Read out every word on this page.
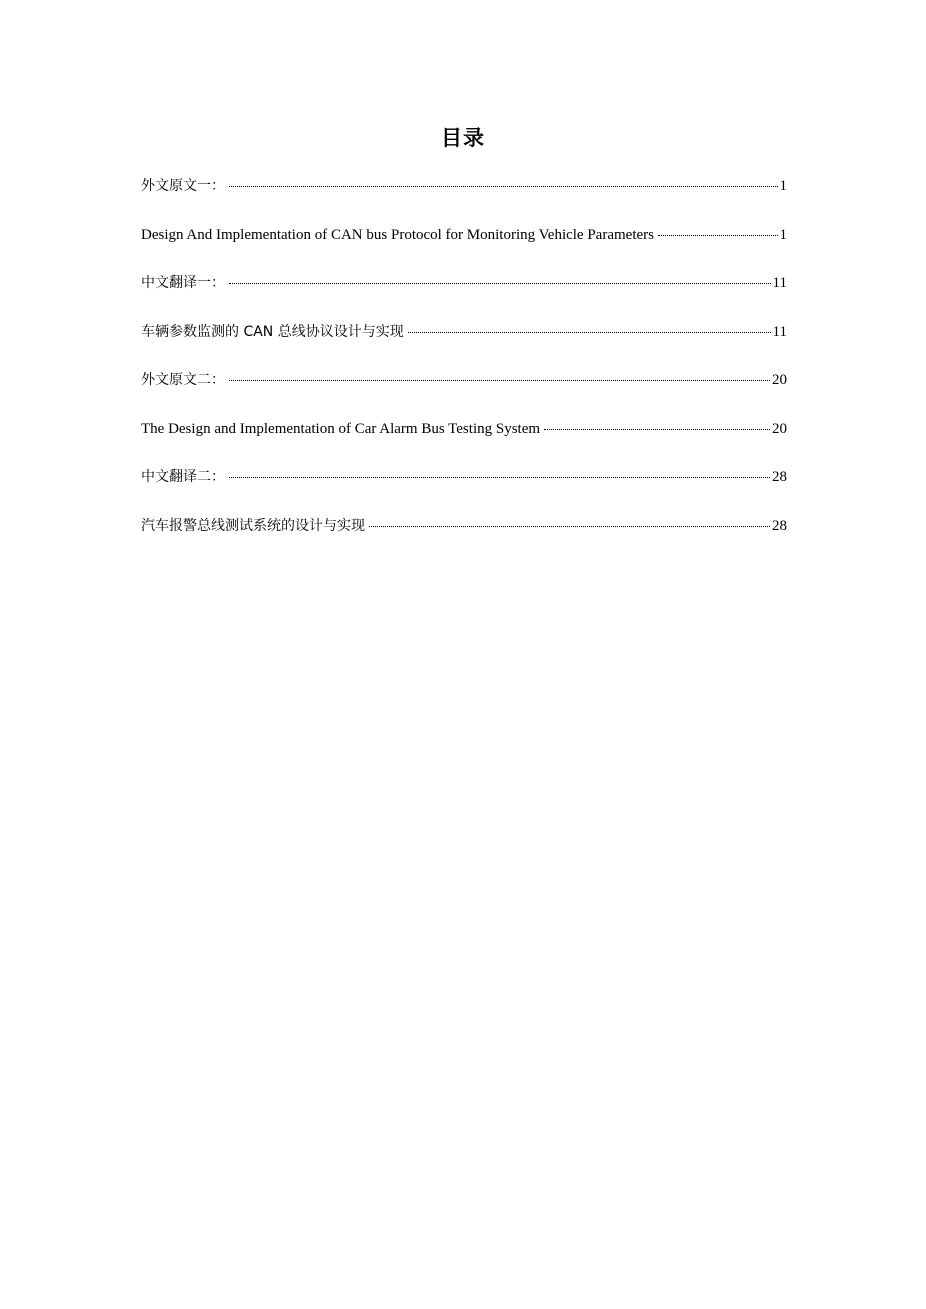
目录
外文原文一：	1
Design And Implementation of CAN bus Protocol for Monitoring Vehicle Parameters	1
中文翻译一：	11
车辆参数监测的 CAN 总线协议设计与实现	11
外文原文二：	20
The Design and Implementation of Car Alarm Bus Testing System	20
中文翻译二：	28
汽车报警总线测试系统的设计与实现	28
